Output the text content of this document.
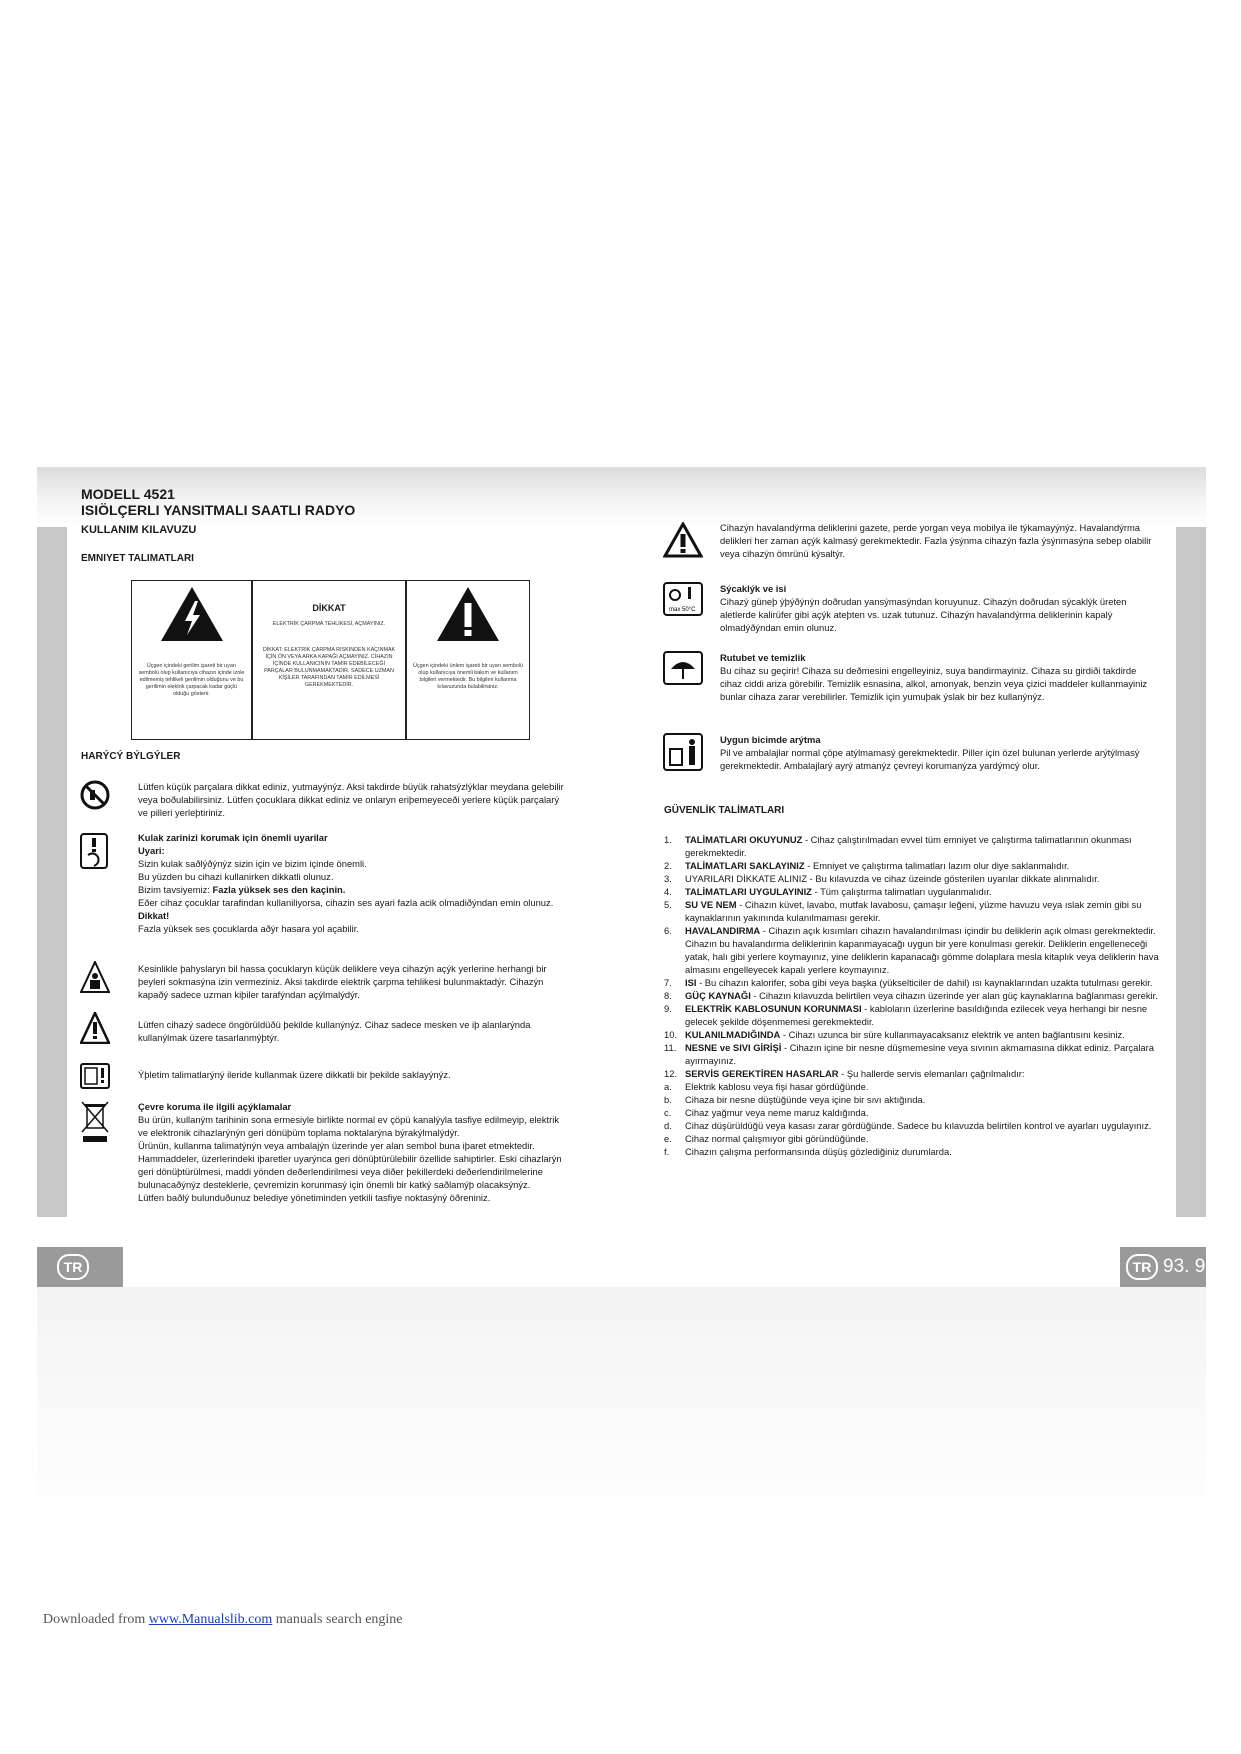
TR	TR 93. 9
MODELL 4521
ISIÖLÇERLI YANSITMALI SAATLI RADYO
KULLANIM KILAVUZU
EMNIYET TALIMATLARI
Üçgen içindeki gerilim işareti bir uyarı sembolü olup kullanıcıya cihazın içinde izole edilmemiş tehlikeli gerilimin olduğunu ve bu gerilimin elektrik çarpacak kadar güçlü olduğu gösterir.
DİKKAT
ELEKTRİK ÇARPMA TEHLİKESİ, AÇMAYINIZ.
DİKKAT: ELEKTRİK ÇARPMA RISKINDEN KAÇINMAK İÇİN ÖN VEYA ARKA KAPAĞI AÇMAYINIZ. CİHAZIN İÇİNDE KULLANICININ TAMİR EDEBİLECEĞİ PARÇALAR BULUNMAMAKTADIR. SADECE UZMAN KİŞİLER TARAFINDAN TAMİR EDİLMESİ GEREKMEKTEDİR.
Üçgen içindeki ünlem işareti bir uyarı sembolü olup kullanıcıya önemli bakım ve kullanım bilgileri vermektedir. Bu bilgileri kullanma kılavuzunda bulabilirsiniz.
HARÝCÝ BÝLGÝLER
Lütfen küçük parçalara dikkat ediniz, yutmayýnýz. Aksi takdirde büyük rahatsýzlýklar meydana gelebilir veya boðulabilirsiniz. Lütfen çocuklara dikkat ediniz ve onlaryn eriþemeyeceði yerlere küçük parçalarý ve pilleri yerleþtiriniz.
Kulak zarinizi korumak için önemli uyarilar
Uyari:
Sizin kulak saðlýðýnýz sizin için ve bizim içinde önemli.
Bu yüzden bu cihazi kullanirken dikkatli olunuz.
Bizim tavsiyemiz: Fazla yüksek ses den kaçinin.
Eðer cihaz çocuklar tarafindan kullaniliyorsa, cihazin ses ayari fazla acik olmadiðýndan emin olunuz.
Dikkat!
Fazla yüksek ses çocuklarda aðýr hasara yol açabilir.
Kesinlikle þahyslaryn bil hassa çocuklaryn küçük deliklere veya cihazýn açýk yerlerine herhangi bir þeyleri sokmasýna izin vermeziniz. Aksi takdirde elektrik çarpma tehlikesi bulunmaktadýr. Cihazýn kapaðý sadece uzman kiþiler tarafýndan açýlmalýdýr.
Lütfen cihazý sadece öngörüldüðü þekilde kullanýnýz. Cihaz sadece mesken ve iþ alanlarýnda kullanýlmak üzere tasarlanmýþtýr.
Ýþletim talimatlarýný ileride kullanmak üzere dikkatli bir þekilde saklayýnýz.
Çevre koruma ile ilgili açýklamalar
Bu ürün, kullaným tarihinin sona ermesiyle birlikte normal ev çöpü kanalýyla tasfiye edilmeyip, elektrik ve elektronik cihazlarýnýn geri dönüþüm toplama noktalarýna býrakýlmalýdýr.
Ürünün, kullanma talimatýnýn veya ambalajýn üzerinde yer alan sembol buna iþaret etmektedir. Hammaddeler, üzerlerindeki iþaretler uyarýnca geri dönüþtürülebilir özellide sahiptirler. Eski cihazlarýn geri dönüþtürülmesi, maddi yönden deðerlendirilmesi veya diðer þekillerdeki deðerlendirilmelerine bulunacaðýnýz desteklerle, çevremizin korunmasý için önemli bir katký saðlamýþ olacaksýnýz.
Lütfen baðlý bulunduðunuz belediye yönetiminden yetkili tasfiye noktasýný öðreniniz.
Cihazýn havalandýrma deliklerini gazete, perde yorgan veya mobilya ile týkamayýnýz. Havalandýrma delikleri her zaman açýk kalmasý gerekmektedir. Fazla ýsýnma cihazýn fazla ýsýnmasýna sebep olabilir veya cihazýn ömrünü kýsaltýr.
max 50°C
Sýcaklýk ve isi
Cihazý güneþ ýþýðýnýn doðrudan yansýmasýndan koruyunuz. Cihazýn doðrudan sýcaklýk üreten aletlerde kalirüfer gibi açýk ateþten vs. uzak tutunuz. Cihazýn havalandýrma deliklerinin kapalý olmadýðýndan emin olunuz.
Rutubet ve temizlik
Bu cihaz su geçirir! Cihaza su deðmesini engelleyiniz, suya bandirmayiniz. Cihaza su girdiði takdirde cihaz ciddi ariza görebilir. Temizlik esnasina, alkol, amonyak, benzin veya çizici maddeler kullanmayiniz bunlar cihaza zarar verebilirler. Temizlik için yumuþak ýslak bir bez kullanýnýz.
Uygun bicimde arýtma
Pil ve ambalajlar normal çöpe atýlmamasý gerekmektedir. Piller için özel bulunan yerlerde arýtýlmasý gerekmektedir. Ambalajlarý ayrý atmanýz çevreyi korumanýza yardýmcý olur.
GÜVENLİK TALİMATLARI
1.	TALİMATLARI OKUYUNUZ - Cihaz çalıştırılmadan evvel tüm emniyet ve çalıştırma talimatlarının okunması gerekmektedir.
2.	TALİMATLARI SAKLAYINIZ - Emniyet ve çalıştırma talimatları lazım olur diye saklanmalıdır.
3.	UYARILARI DİKKATE ALINIZ - Bu kılavuzda ve cihaz üzeinde gösterilen uyarılar dikkate alınmalıdır.
4.	TALİMATLARI UYGULAYINIZ - Tüm çalıştırma talimatları uygulanmalıdır.
5.	SU VE NEM - Cihazın küvet, lavabo, mutfak lavabosu, çamaşır leğeni, yüzme havuzu veya ıslak zemin gibi su kaynaklarının yakınında kulanılmaması gerekir.
6.	HAVALANDIRMA - Cihazın açık kısımları cihazın havalandırılması içindir bu deliklerin açık olması gerekmektedir. Cihazın bu havalandırma deliklerinin kapanmayacağı uygun bir yere konulması gerekir. Deliklerin engelleneceği yatak, halı gibi yerlere koymayınız, yine deliklerin kapanacağı gömme dolaplara mesla kitaplık veya deliklerin hava almasını engelleyecek kapalı yerlere koymayınız.
7.	ISI - Bu cihazın kalorifer, soba gibi veya başka (yükselticiler de dahil) ısı kaynaklarından uzakta tutulması gerekir.
8.	GÜÇ KAYNAĞI - Cihazın kılavuzda belirtilen veya cihazın üzerinde yer alan güç kaynaklarına bağlanması gerekir.
9.	ELEKTRİK KABLOSUNUN KORUNMASI - kabloların üzerlerine basıldığında ezilecek veya herhangi bir nesne gelecek şekilde döşenmemesi gerekmektedir.
10. KULANILMADIĞINDA - Cihazı uzunca bir süre kullanmayacaksanız elektrik ve anten bağlantısını kesiniz.
11. NESNE ve SIVI GİRİŞİ - Cihazın içine bir nesne düşmemesine veya sıvının akmamasına dikkat ediniz. Parçalara ayırmayınız.
12. SERVİS GEREKTİREN HASARLAR - Şu hallerde servis elemanları çağrılmalıdır:
a.	Elektrik kablosu veya fişi hasar gördüğünde.
b.	Cihaza bir nesne düştüğünde veya içine bir sıvı aktığında.
c.	Cihaz yağmur veya neme maruz kaldığında.
d.	Cihaz düşürüldüğü veya kasası zarar gördüğünde. Sadece bu kılavuzda belirtilen kontrol ve ayarları uygulayınız.
e.	Cihaz normal çalışmıyor gibi göründüğünde.
f.	Cihazın çalışma performansında düşüş gözlediğiniz durumlarda.
Downloaded from www.Manualslib.com manuals search engine
